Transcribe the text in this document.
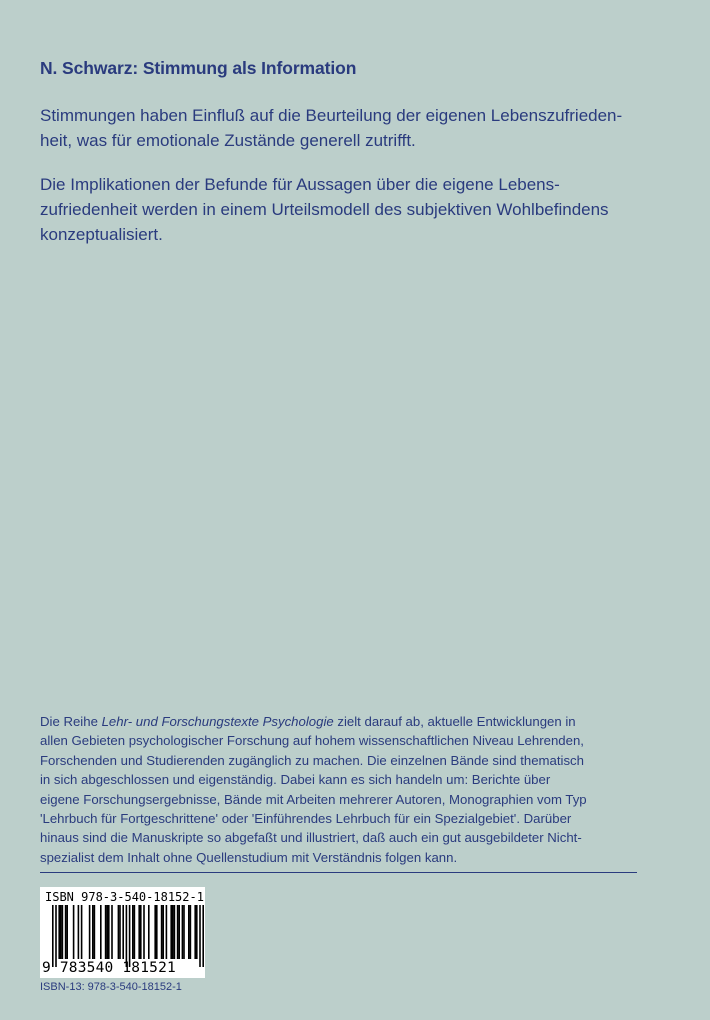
N. Schwarz: Stimmung als Information
Stimmungen haben Einfluß auf die Beurteilung der eigenen Lebenszufrieden-
heit, was für emotionale Zustände generell zutrifft.
Die Implikationen der Befunde für Aussagen über die eigene Lebens-
zufriedenheit werden in einem Urteilsmodell des subjektiven Wohlbefindens
konzeptualisiert.
Die Reihe Lehr- und Forschungstexte Psychologie zielt darauf ab, aktuelle Entwicklungen in
allen Gebieten psychologischer Forschung auf hohem wissenschaftlichen Niveau Lehrenden,
Forschenden und Studierenden zugänglich zu machen. Die einzelnen Bände sind thematisch
in sich abgeschlossen und eigenständig. Dabei kann es sich handeln um: Berichte über
eigene Forschungsergebnisse, Bände mit Arbeiten mehrerer Autoren, Monographien vom Typ
'Lehrbuch für Fortgeschrittene' oder 'Einführendes Lehrbuch für ein Spezialgebiet'. Darüber
hinaus sind die Manuskripte so abgefaßt und illustriert, daß auch ein gut ausgebildeter Nicht-
spezialist dem Inhalt ohne Quellenstudium mit Verständnis folgen kann.
ISBN 978-3-540-18152-1
9 783540 181521
ISBN-13: 978-3-540-18152-1
